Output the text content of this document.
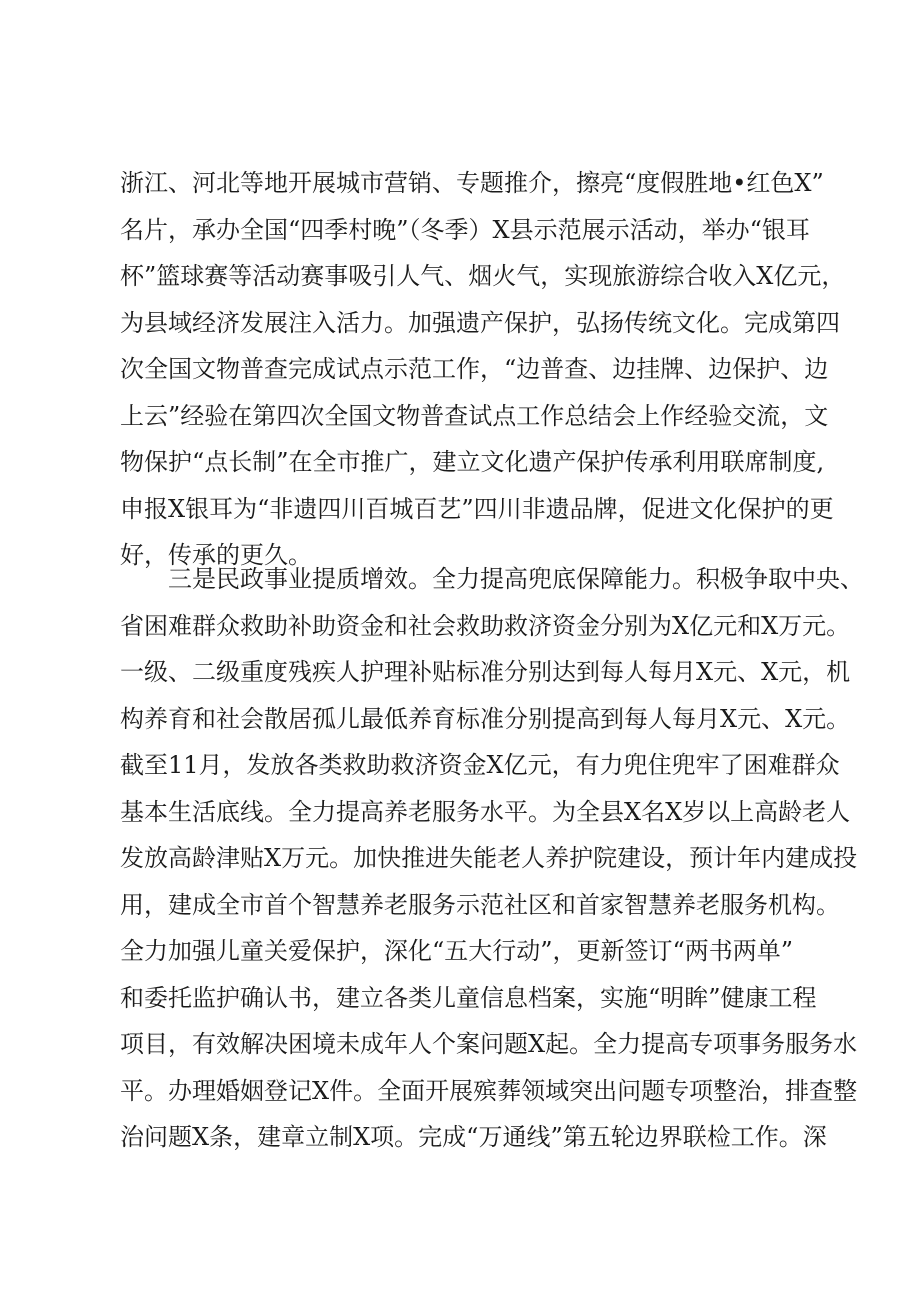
浙江、河北等地开展城市营销、专题推介，擦亮“度假胜地•红色X”
名片，承办全国“四季村晚”（冬季）X县示范展示活动，举办“银耳
杯”篮球赛等活动赛事吸引人气、烟火气，实现旅游综合收入X亿元，
为县域经济发展注入活力。加强遗产保护，弘扬传统文化。完成第四
次全国文物普查完成试点示范工作，“边普查、边挂牌、边保护、边
上云”经验在第四次全国文物普查试点工作总结会上作经验交流，文
物保护“点长制”在全市推广，建立文化遗产保护传承利用联席制度,
申报X银耳为“非遗四川百城百艺”四川非遗品牌，促进文化保护的更
好，传承的更久。
三是民政事业提质增效。全力提高兜底保障能力。积极争取中央、
省困难群众救助补助资金和社会救助救济资金分别为X亿元和X万元。
一级、二级重度残疾人护理补贴标准分别达到每人每月X元、X元，机
构养育和社会散居孤儿最低养育标准分别提高到每人每月X元、X元。
截至11月，发放各类救助救济资金X亿元，有力兜住兜牢了困难群众
基本生活底线。全力提高养老服务水平。为全县X名X岁以上高龄老人
发放高龄津贴X万元。加快推进失能老人养护院建设，预计年内建成投
用，建成全市首个智慧养老服务示范社区和首家智慧养老服务机构。
全力加强儿童关爱保护，深化“五大行动”，更新签订“两书两单”
和委托监护确认书，建立各类儿童信息档案，实施“明眸”健康工程
项目，有效解决困境未成年人个案问题X起。全力提高专项事务服务水
平。办理婚姻登记X件。全面开展殡葬领域突出问题专项整治，排查整
治问题X条，建章立制X项。完成“万通线”第五轮边界联检工作。深
